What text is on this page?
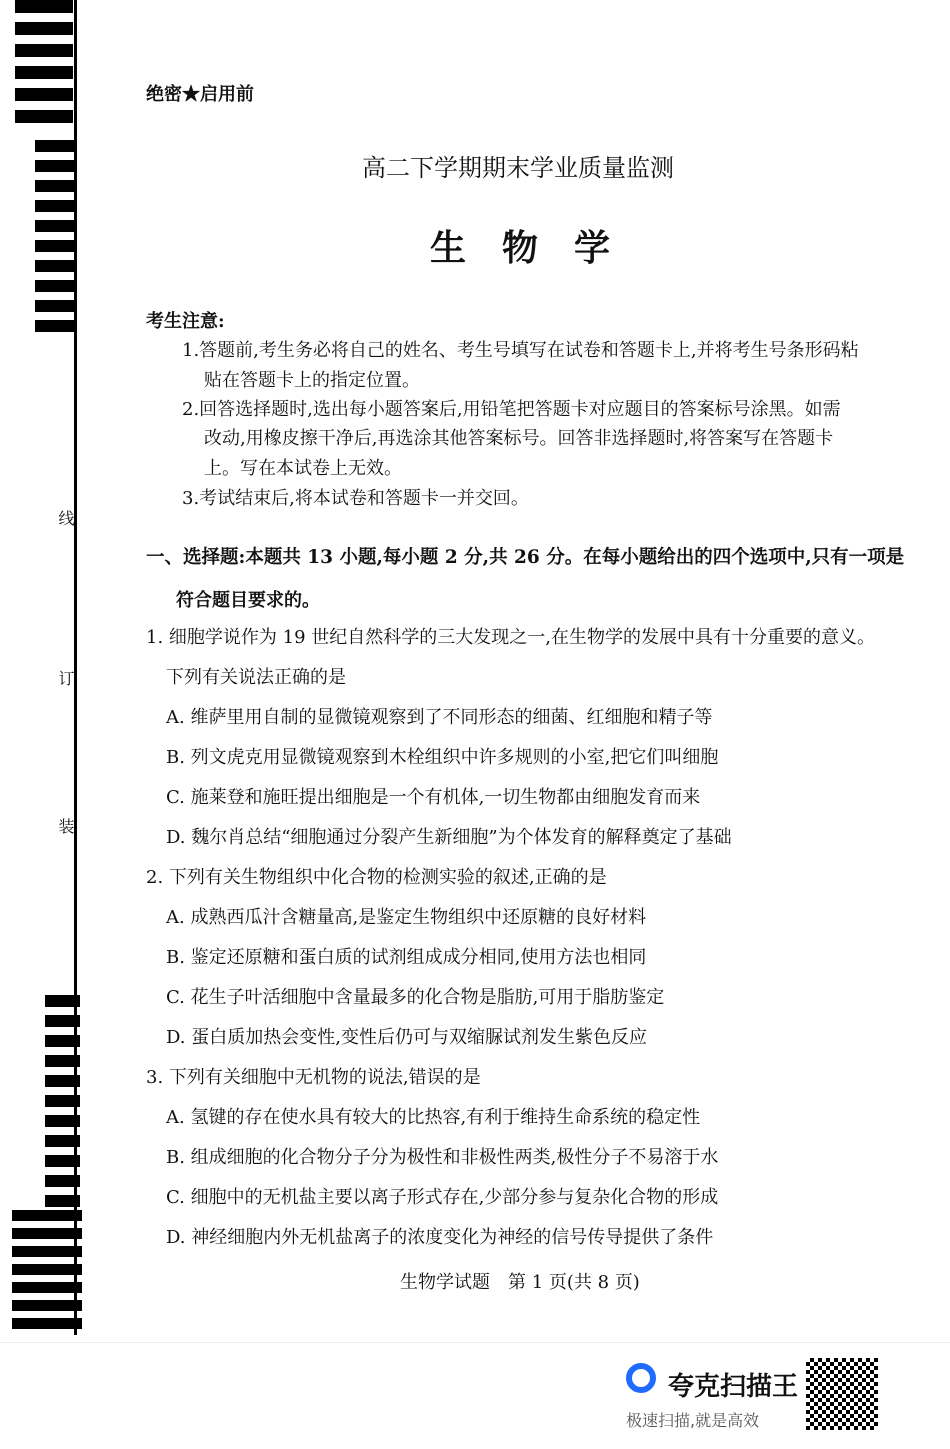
线
订
装
绝密★启用前
高二下学期期末学业质量监测
生　物　学
考生注意:
1.答题前,考生务必将自己的姓名、考生号填写在试卷和答题卡上,并将考生号条形码粘
贴在答题卡上的指定位置。
2.回答选择题时,选出每小题答案后,用铅笔把答题卡对应题目的答案标号涂黑。如需
改动,用橡皮擦干净后,再选涂其他答案标号。回答非选择题时,将答案写在答题卡
上。写在本试卷上无效。
3.考试结束后,将本试卷和答题卡一并交回。
一、选择题:本题共 13 小题,每小题 2 分,共 26 分。在每小题给出的四个选项中,只有一项是
符合题目要求的。
1. 细胞学说作为 19 世纪自然科学的三大发现之一,在生物学的发展中具有十分重要的意义。
下列有关说法正确的是
A. 维萨里用自制的显微镜观察到了不同形态的细菌、红细胞和精子等
B. 列文虎克用显微镜观察到木栓组织中许多规则的小室,把它们叫细胞
C. 施莱登和施旺提出细胞是一个有机体,一切生物都由细胞发育而来
D. 魏尔肖总结“细胞通过分裂产生新细胞”为个体发育的解释奠定了基础
2. 下列有关生物组织中化合物的检测实验的叙述,正确的是
A. 成熟西瓜汁含糖量高,是鉴定生物组织中还原糖的良好材料
B. 鉴定还原糖和蛋白质的试剂组成成分相同,使用方法也相同
C. 花生子叶活细胞中含量最多的化合物是脂肪,可用于脂肪鉴定
D. 蛋白质加热会变性,变性后仍可与双缩脲试剂发生紫色反应
3. 下列有关细胞中无机物的说法,错误的是
A. 氢键的存在使水具有较大的比热容,有利于维持生命系统的稳定性
B. 组成细胞的化合物分子分为极性和非极性两类,极性分子不易溶于水
C. 细胞中的无机盐主要以离子形式存在,少部分参与复杂化合物的形成
D. 神经细胞内外无机盐离子的浓度变化为神经的信号传导提供了条件
生物学试题　第 1 页(共 8 页)
夸克扫描王
极速扫描,就是高效
